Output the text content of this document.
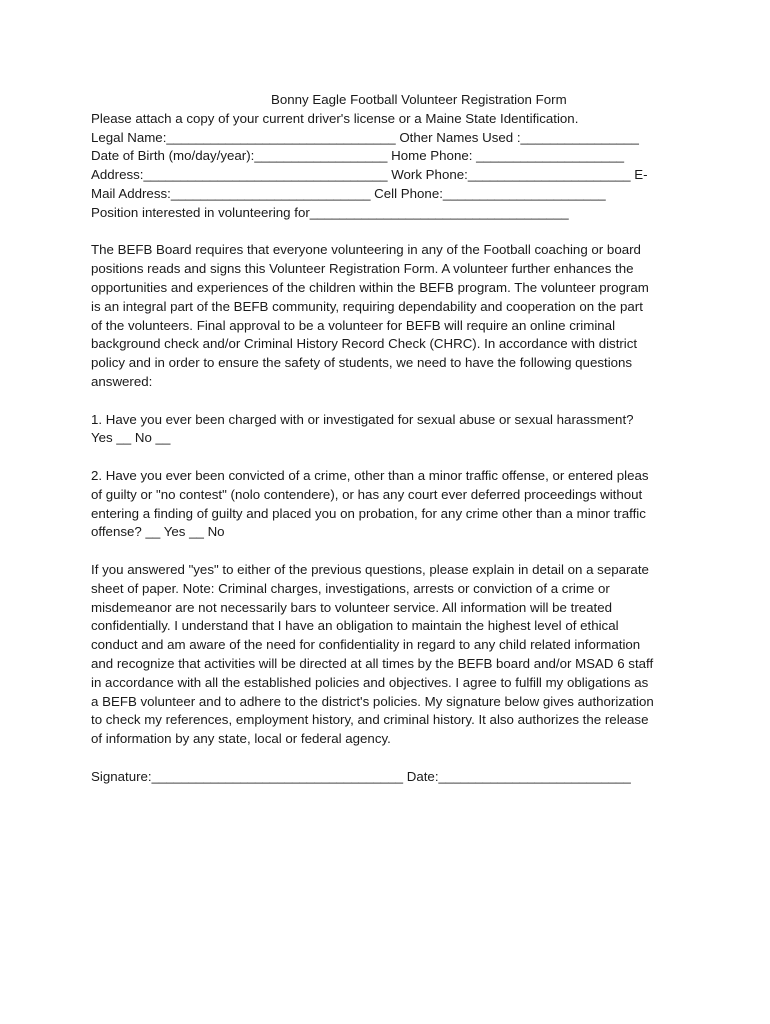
Bonny Eagle Football Volunteer Registration Form
Please attach a copy of your current driver's license or a Maine State Identification.
Legal Name:_______________________________ Other Names Used :________________
Date of Birth (mo/day/year):__________________ Home Phone: ____________________
Address:_________________________________ Work Phone:______________________ E-
Mail Address:___________________________ Cell Phone:______________________
Position interested in volunteering for___________________________________
The BEFB Board requires that everyone volunteering in any of the Football coaching or board
positions reads and signs this Volunteer Registration Form. A volunteer further enhances the
opportunities and experiences of the children within the BEFB program. The volunteer program
is an integral part of the BEFB community, requiring dependability and cooperation on the part
of the volunteers. Final approval to be a volunteer for BEFB will require an online criminal
background check and/or Criminal History Record Check (CHRC). In accordance with district
policy and in order to ensure the safety of students, we need to have the following questions
answered:
1. Have you ever been charged with or investigated for sexual abuse or sexual harassment?
Yes __ No __
2. Have you ever been convicted of a crime, other than a minor traffic offense, or entered pleas
of guilty or "no contest" (nolo contendere), or has any court ever deferred proceedings without
entering a finding of guilty and placed you on probation, for any crime other than a minor traffic
offense? __ Yes __ No
If you answered "yes" to either of the previous questions, please explain in detail on a separate
sheet of paper. Note: Criminal charges, investigations, arrests or conviction of a crime or
misdemeanor are not necessarily bars to volunteer service. All information will be treated
confidentially. I understand that I have an obligation to maintain the highest level of ethical
conduct and am aware of the need for confidentiality in regard to any child related information
and recognize that activities will be directed at all times by the BEFB board and/or MSAD 6 staff
in accordance with all the established policies and objectives. I agree to fulfill my obligations as
a BEFB volunteer and to adhere to the district's policies. My signature below gives authorization
to check my references, employment history, and criminal history. It also authorizes the release
of information by any state, local or federal agency.
Signature:__________________________________ Date:__________________________
